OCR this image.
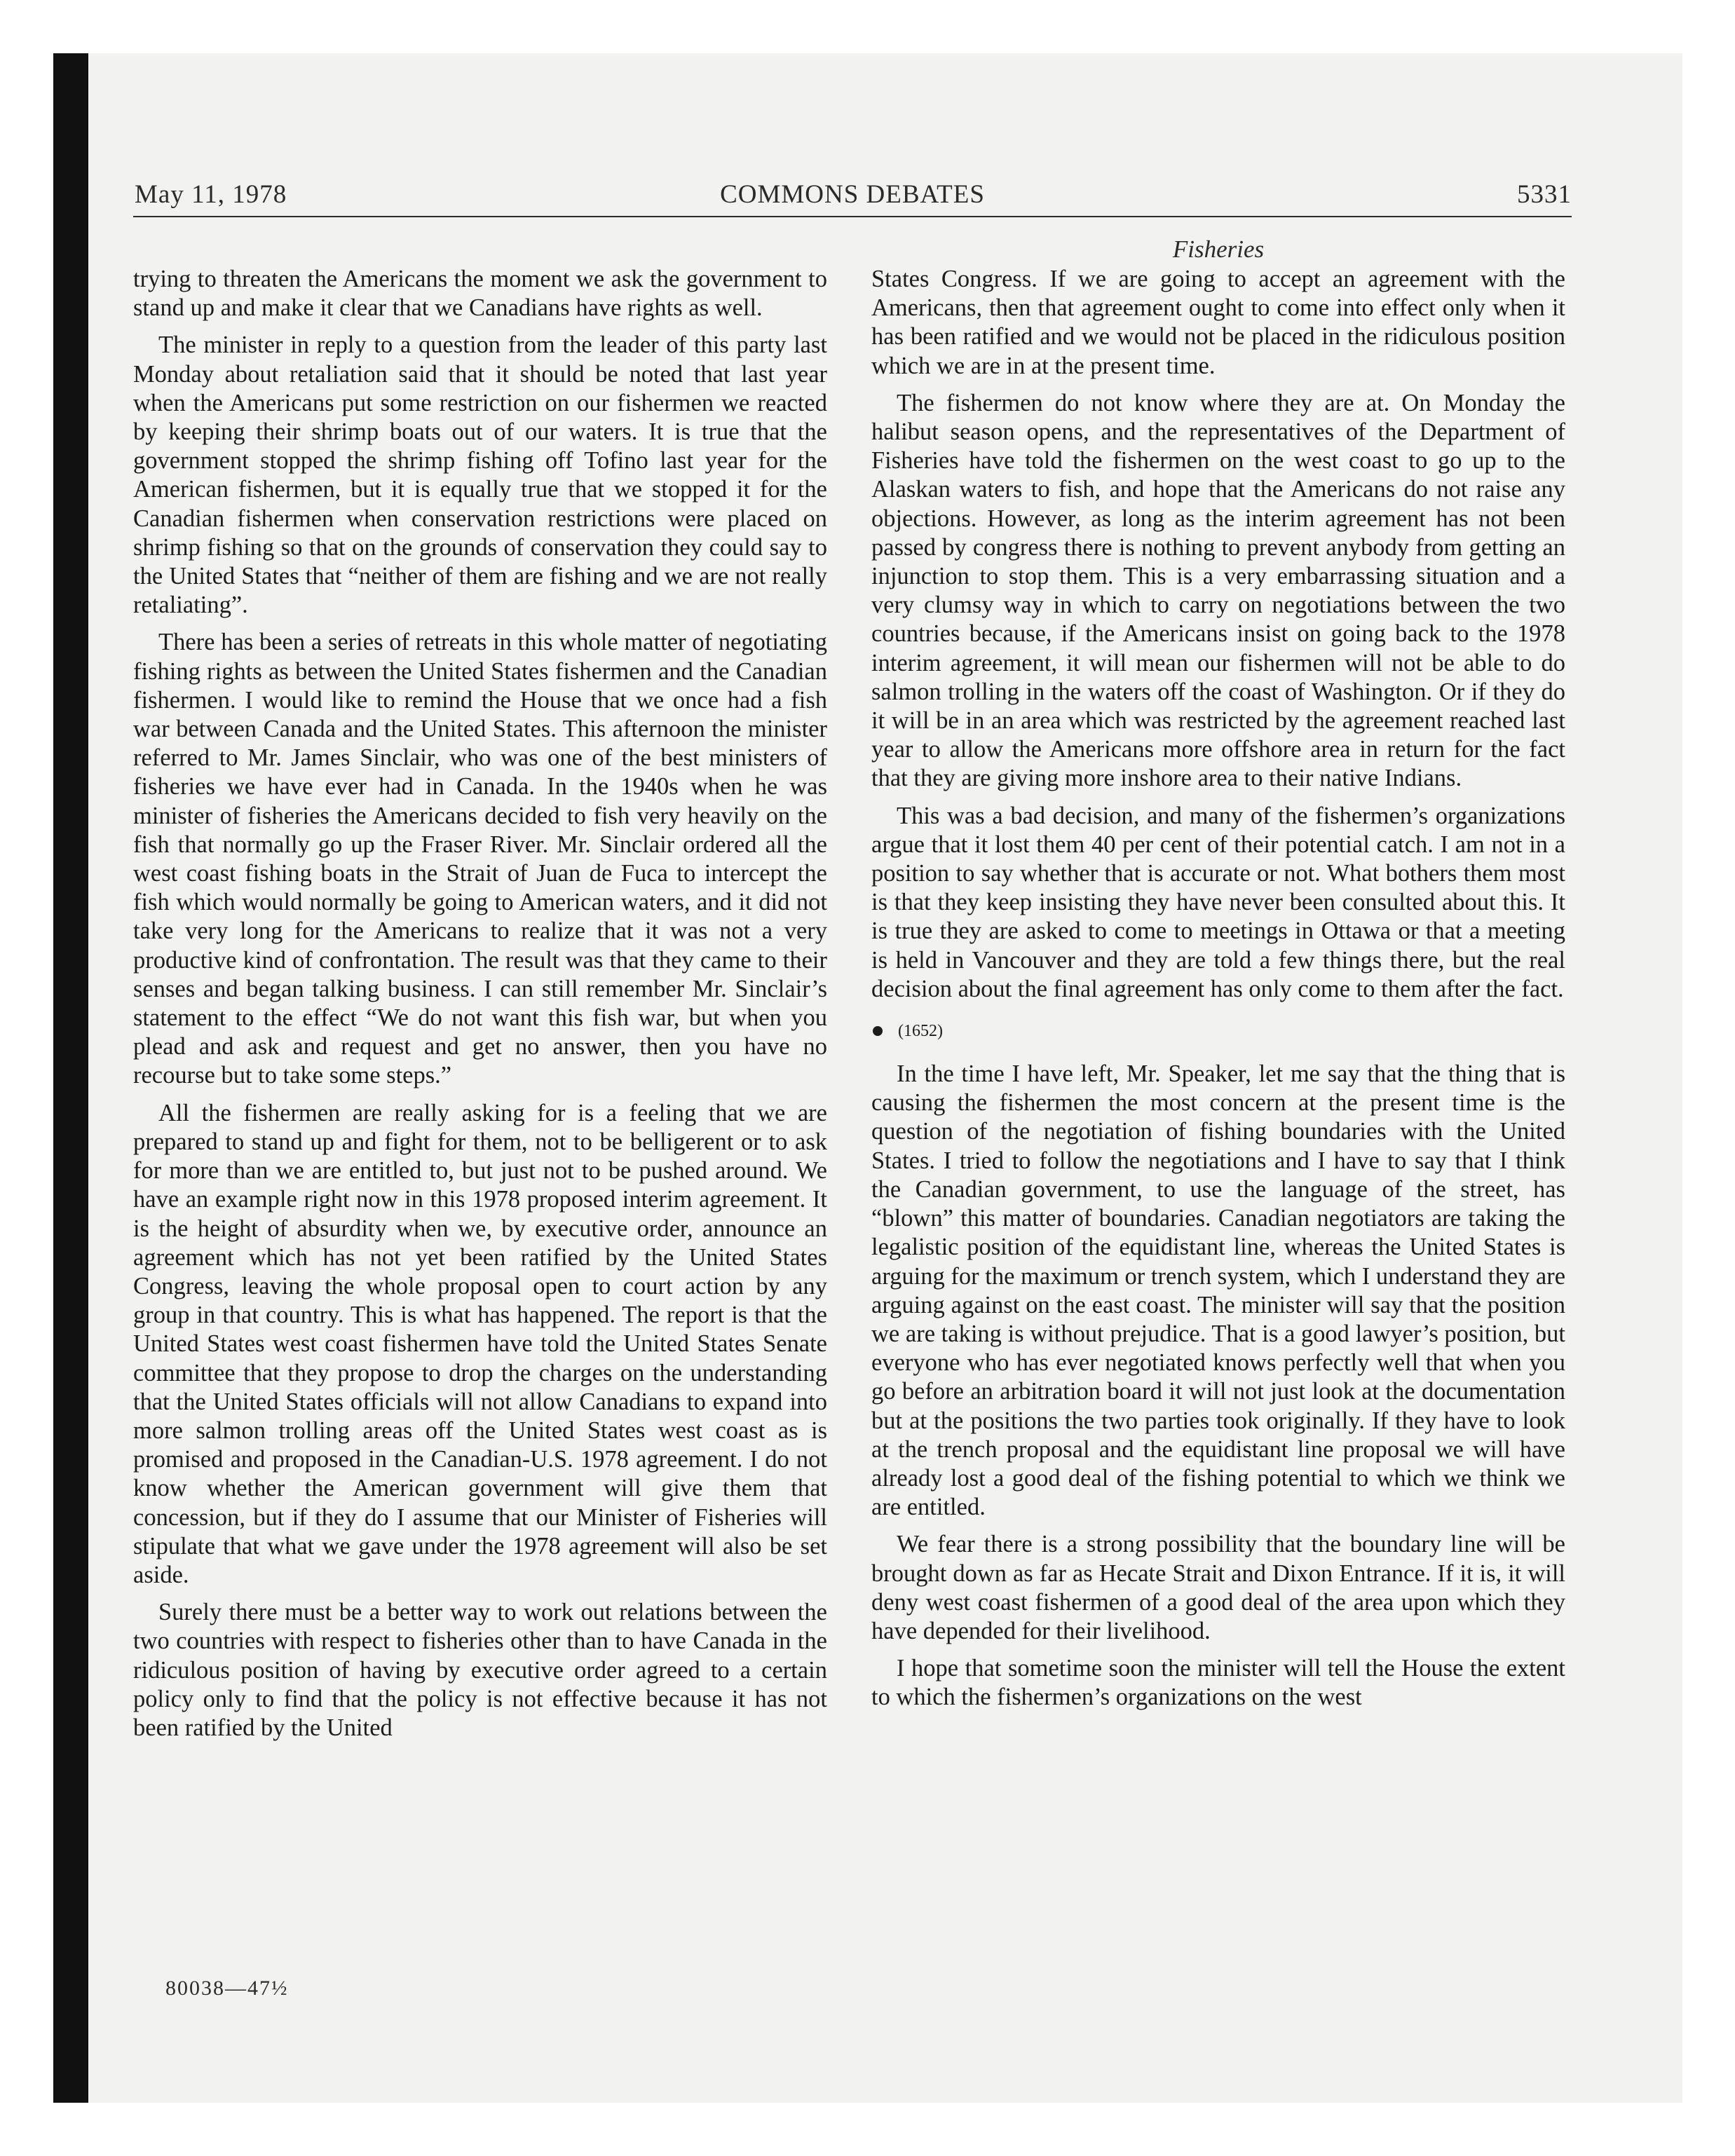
May 11, 1978	COMMONS DEBATES	5331
Fisheries

trying to threaten the Americans the moment we ask the government to stand up and make it clear that we Canadians have rights as well.

The minister in reply to a question from the leader of this party last Monday about retaliation said that it should be noted that last year when the Americans put some restriction on our fishermen we reacted by keeping their shrimp boats out of our waters. It is true that the government stopped the shrimp fishing off Tofino last year for the American fishermen, but it is equally true that we stopped it for the Canadian fishermen when conservation restrictions were placed on shrimp fishing so that on the grounds of conservation they could say to the United States that “neither of them are fishing and we are not really retaliating”.

There has been a series of retreats in this whole matter of negotiating fishing rights as between the United States fishermen and the Canadian fishermen. I would like to remind the House that we once had a fish war between Canada and the United States. This afternoon the minister referred to Mr. James Sinclair, who was one of the best ministers of fisheries we have ever had in Canada. In the 1940s when he was minister of fisheries the Americans decided to fish very heavily on the fish that normally go up the Fraser River. Mr. Sinclair ordered all the west coast fishing boats in the Strait of Juan de Fuca to intercept the fish which would normally be going to American waters, and it did not take very long for the Americans to realize that it was not a very productive kind of confrontation. The result was that they came to their senses and began talking business. I can still remember Mr. Sinclair’s statement to the effect “We do not want this fish war, but when you plead and ask and request and get no answer, then you have no recourse but to take some steps.”

All the fishermen are really asking for is a feeling that we are prepared to stand up and fight for them, not to be belligerent or to ask for more than we are entitled to, but just not to be pushed around. We have an example right now in this 1978 proposed interim agreement. It is the height of absurdity when we, by executive order, announce an agreement which has not yet been ratified by the United States Congress, leaving the whole proposal open to court action by any group in that country. This is what has happened. The report is that the United States west coast fishermen have told the United States Senate committee that they propose to drop the charges on the understanding that the United States officials will not allow Canadians to expand into more salmon trolling areas off the United States west coast as is promised and proposed in the Canadian-U.S. 1978 agreement. I do not know whether the American government will give them that concession, but if they do I assume that our Minister of Fisheries will stipulate that what we gave under the 1978 agreement will also be set aside.

Surely there must be a better way to work out relations between the two countries with respect to fisheries other than to have Canada in the ridiculous position of having by executive order agreed to a certain policy only to find that the policy is not effective because it has not been ratified by the United

States Congress. If we are going to accept an agreement with the Americans, then that agreement ought to come into effect only when it has been ratified and we would not be placed in the ridiculous position which we are in at the present time.

The fishermen do not know where they are at. On Monday the halibut season opens, and the representatives of the Department of Fisheries have told the fishermen on the west coast to go up to the Alaskan waters to fish, and hope that the Americans do not raise any objections. However, as long as the interim agreement has not been passed by congress there is nothing to prevent anybody from getting an injunction to stop them. This is a very embarrassing situation and a very clumsy way in which to carry on negotiations between the two countries because, if the Americans insist on going back to the 1978 interim agreement, it will mean our fishermen will not be able to do salmon trolling in the waters off the coast of Washington. Or if they do it will be in an area which was restricted by the agreement reached last year to allow the Americans more offshore area in return for the fact that they are giving more inshore area to their native Indians.

This was a bad decision, and many of the fishermen’s organizations argue that it lost them 40 per cent of their potential catch. I am not in a position to say whether that is accurate or not. What bothers them most is that they keep insisting they have never been consulted about this. It is true they are asked to come to meetings in Ottawa or that a meeting is held in Vancouver and they are told a few things there, but the real decision about the final agreement has only come to them after the fact.

(1652)

In the time I have left, Mr. Speaker, let me say that the thing that is causing the fishermen the most concern at the present time is the question of the negotiation of fishing boundaries with the United States. I tried to follow the negotiations and I have to say that I think the Canadian government, to use the language of the street, has “blown” this matter of boundaries. Canadian negotiators are taking the legalistic position of the equidistant line, whereas the United States is arguing for the maximum or trench system, which I understand they are arguing against on the east coast. The minister will say that the position we are taking is without prejudice. That is a good lawyer’s position, but everyone who has ever negotiated knows perfectly well that when you go before an arbitration board it will not just look at the documentation but at the positions the two parties took originally. If they have to look at the trench proposal and the equidistant line proposal we will have already lost a good deal of the fishing potential to which we think we are entitled.

We fear there is a strong possibility that the boundary line will be brought down as far as Hecate Strait and Dixon Entrance. If it is, it will deny west coast fishermen of a good deal of the area upon which they have depended for their livelihood.

I hope that sometime soon the minister will tell the House the extent to which the fishermen’s organizations on the west

80038—47½
